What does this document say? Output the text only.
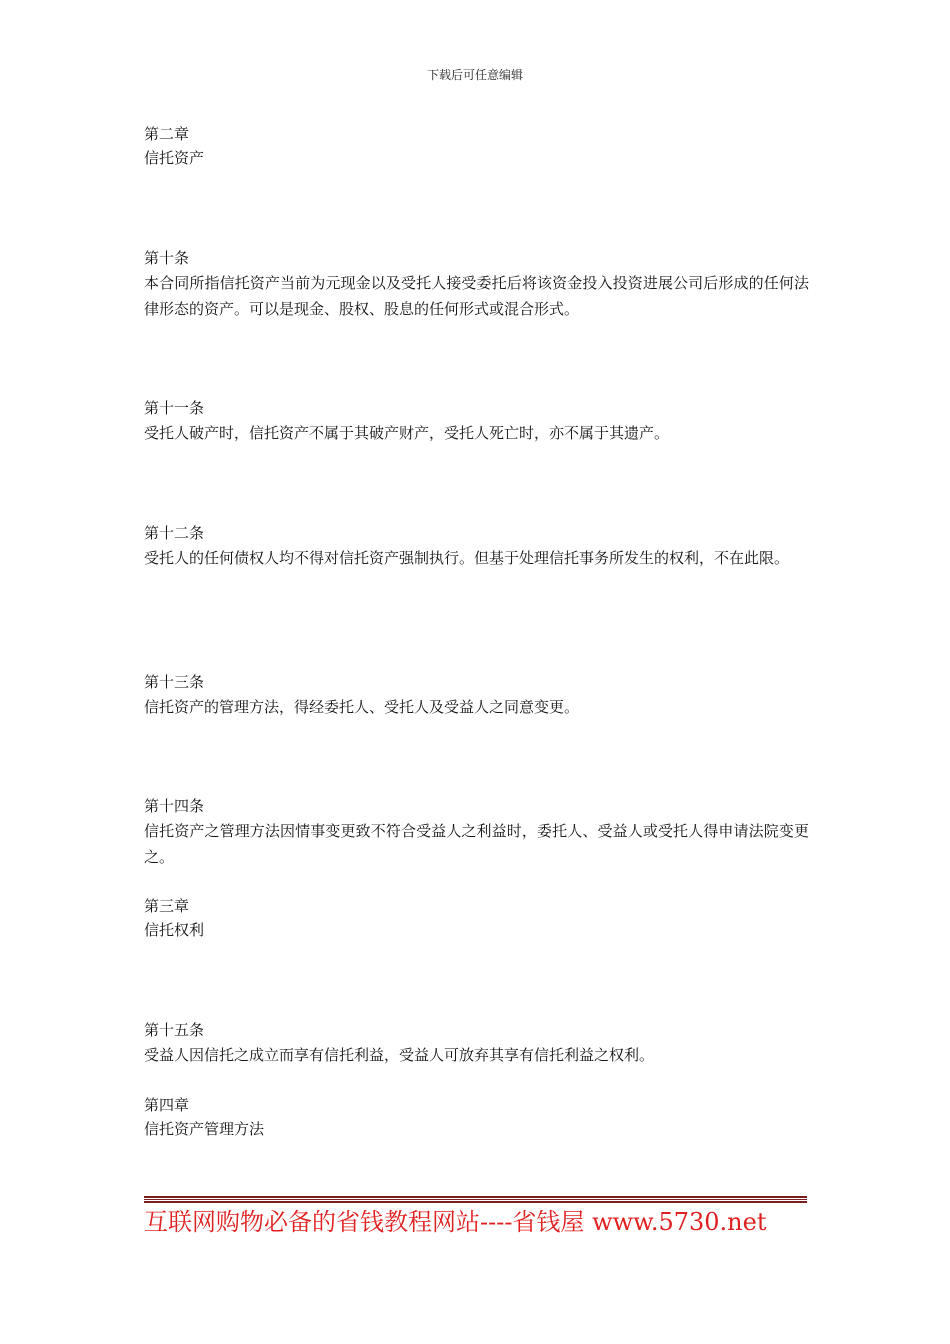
下载后可任意编辑
第二章
信托资产
第十条
本合同所指信托资产当前为元现金以及受托人接受委托后将该资金投入投资进展公司后形成的任何法律形态的资产。可以是现金、股权、股息的任何形式或混合形式。
第十一条
受托人破产时，信托资产不属于其破产财产，受托人死亡时，亦不属于其遗产。
第十二条
受托人的任何债权人均不得对信托资产强制执行。但基于处理信托事务所发生的权利，不在此限。
第十三条
信托资产的管理方法，得经委托人、受托人及受益人之同意变更。
第十四条
信托资产之管理方法因情事变更致不符合受益人之利益时，委托人、受益人或受托人得申请法院变更之。
第三章
信托权利
第十五条
受益人因信托之成立而享有信托利益，受益人可放弃其享有信托利益之权利。
第四章
信托资产管理方法
互联网购物必备的省钱教程网站----省钱屋 www.5730.net
